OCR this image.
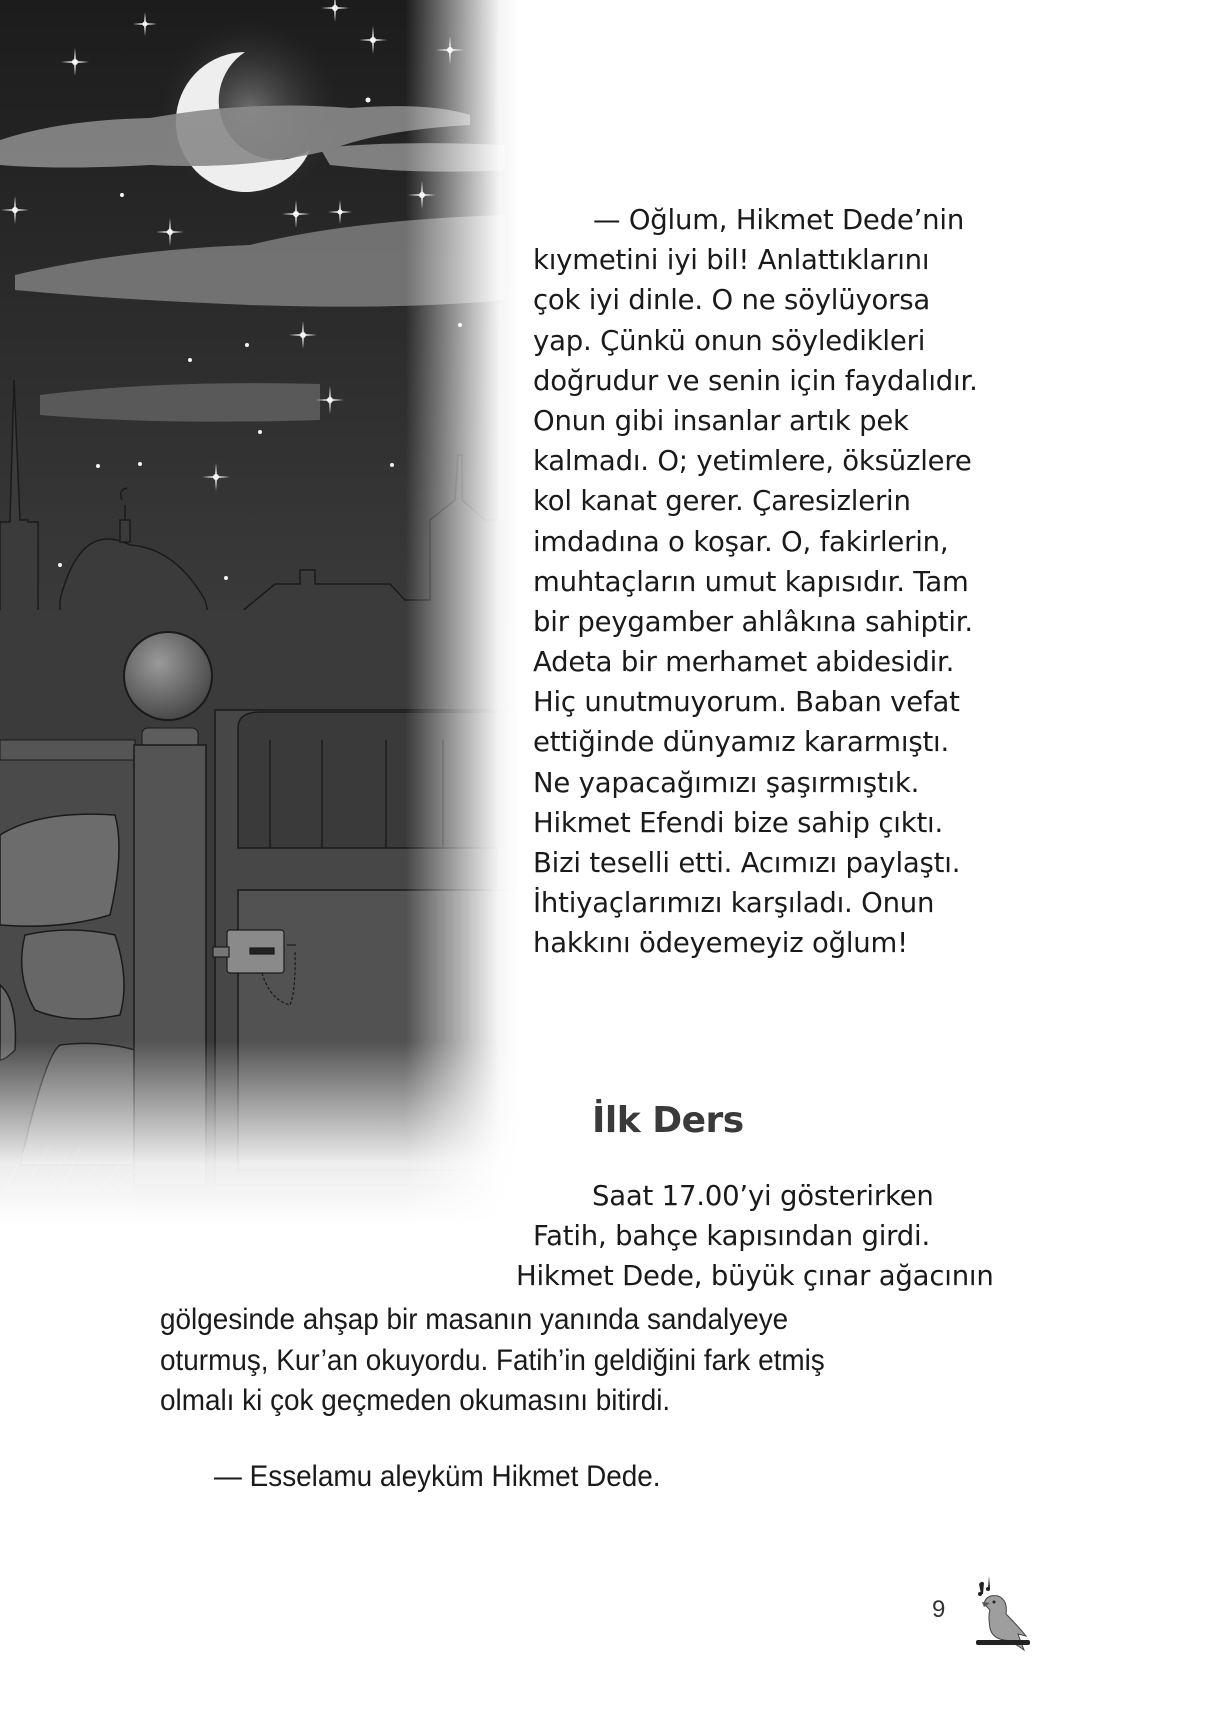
— Oğlum, Hikmet Dede’nin
kıymetini iyi bil! Anlattıklarını
çok iyi dinle. O ne söylüyorsa
yap. Çünkü onun söyledikleri
doğrudur ve senin için faydalıdır.
Onun gibi insanlar artık pek
kalmadı. O; yetimlere, öksüzlere
kol kanat gerer. Çaresizlerin
imdadına o koşar. O, fakirlerin,
muhtaçların umut kapısıdır. Tam
bir peygamber ahlâkına sahiptir.
Adeta bir merhamet abidesidir.
Hiç unutmuyorum. Baban vefat
ettiğinde dünyamız kararmıştı.
Ne yapacağımızı şaşırmıştık.
Hikmet Efendi bize sahip çıktı.
Bizi teselli etti. Acımızı paylaştı.
İhtiyaçlarımızı karşıladı. Onun
hakkını ödeyemeyiz oğlum!
İlk Ders
Saat 17.00’yi gösterirken
Fatih, bahçe kapısından girdi.
Hikmet Dede, büyük çınar ağacının
gölgesinde ahşap bir masanın yanında sandalyeye
oturmuş, Kur’an okuyordu. Fatih’in geldiğini fark etmiş
olmalı ki çok geçmeden okumasını bitirdi.
— Esselamu aleyküm Hikmet Dede.
9
